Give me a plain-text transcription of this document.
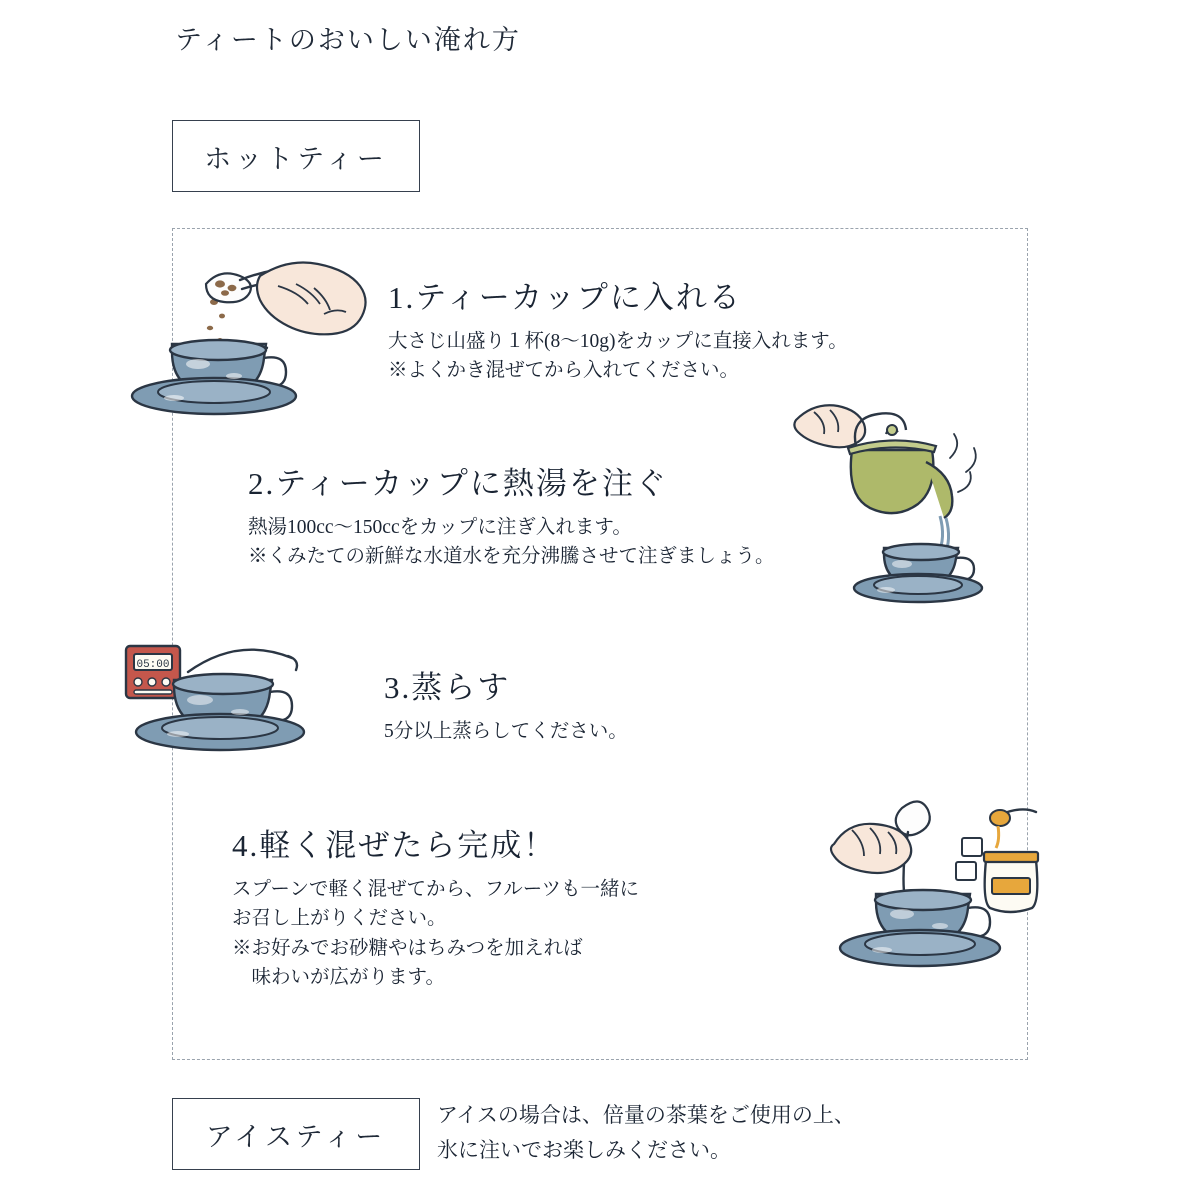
ティートのおいしい淹れ方
ホットティー
1.ティーカップに入れる
大さじ山盛り１杯(8〜10g)をカップに直接入れます。
※よくかき混ぜてから入れてください。
2.ティーカップに熱湯を注ぐ
熱湯100cc〜150ccをカップに注ぎ入れます。
※くみたての新鮮な水道水を充分沸騰させて注ぎましょう。
05:00
3.蒸らす
5分以上蒸らしてください。
4.軽く混ぜたら完成！
スプーンで軽く混ぜてから、フルーツも一緒に
お召し上がりください。
※お好みでお砂糖やはちみつを加えれば
　味わいが広がります。
アイスティー
アイスの場合は、倍量の茶葉をご使用の上、
氷に注いでお楽しみください。
